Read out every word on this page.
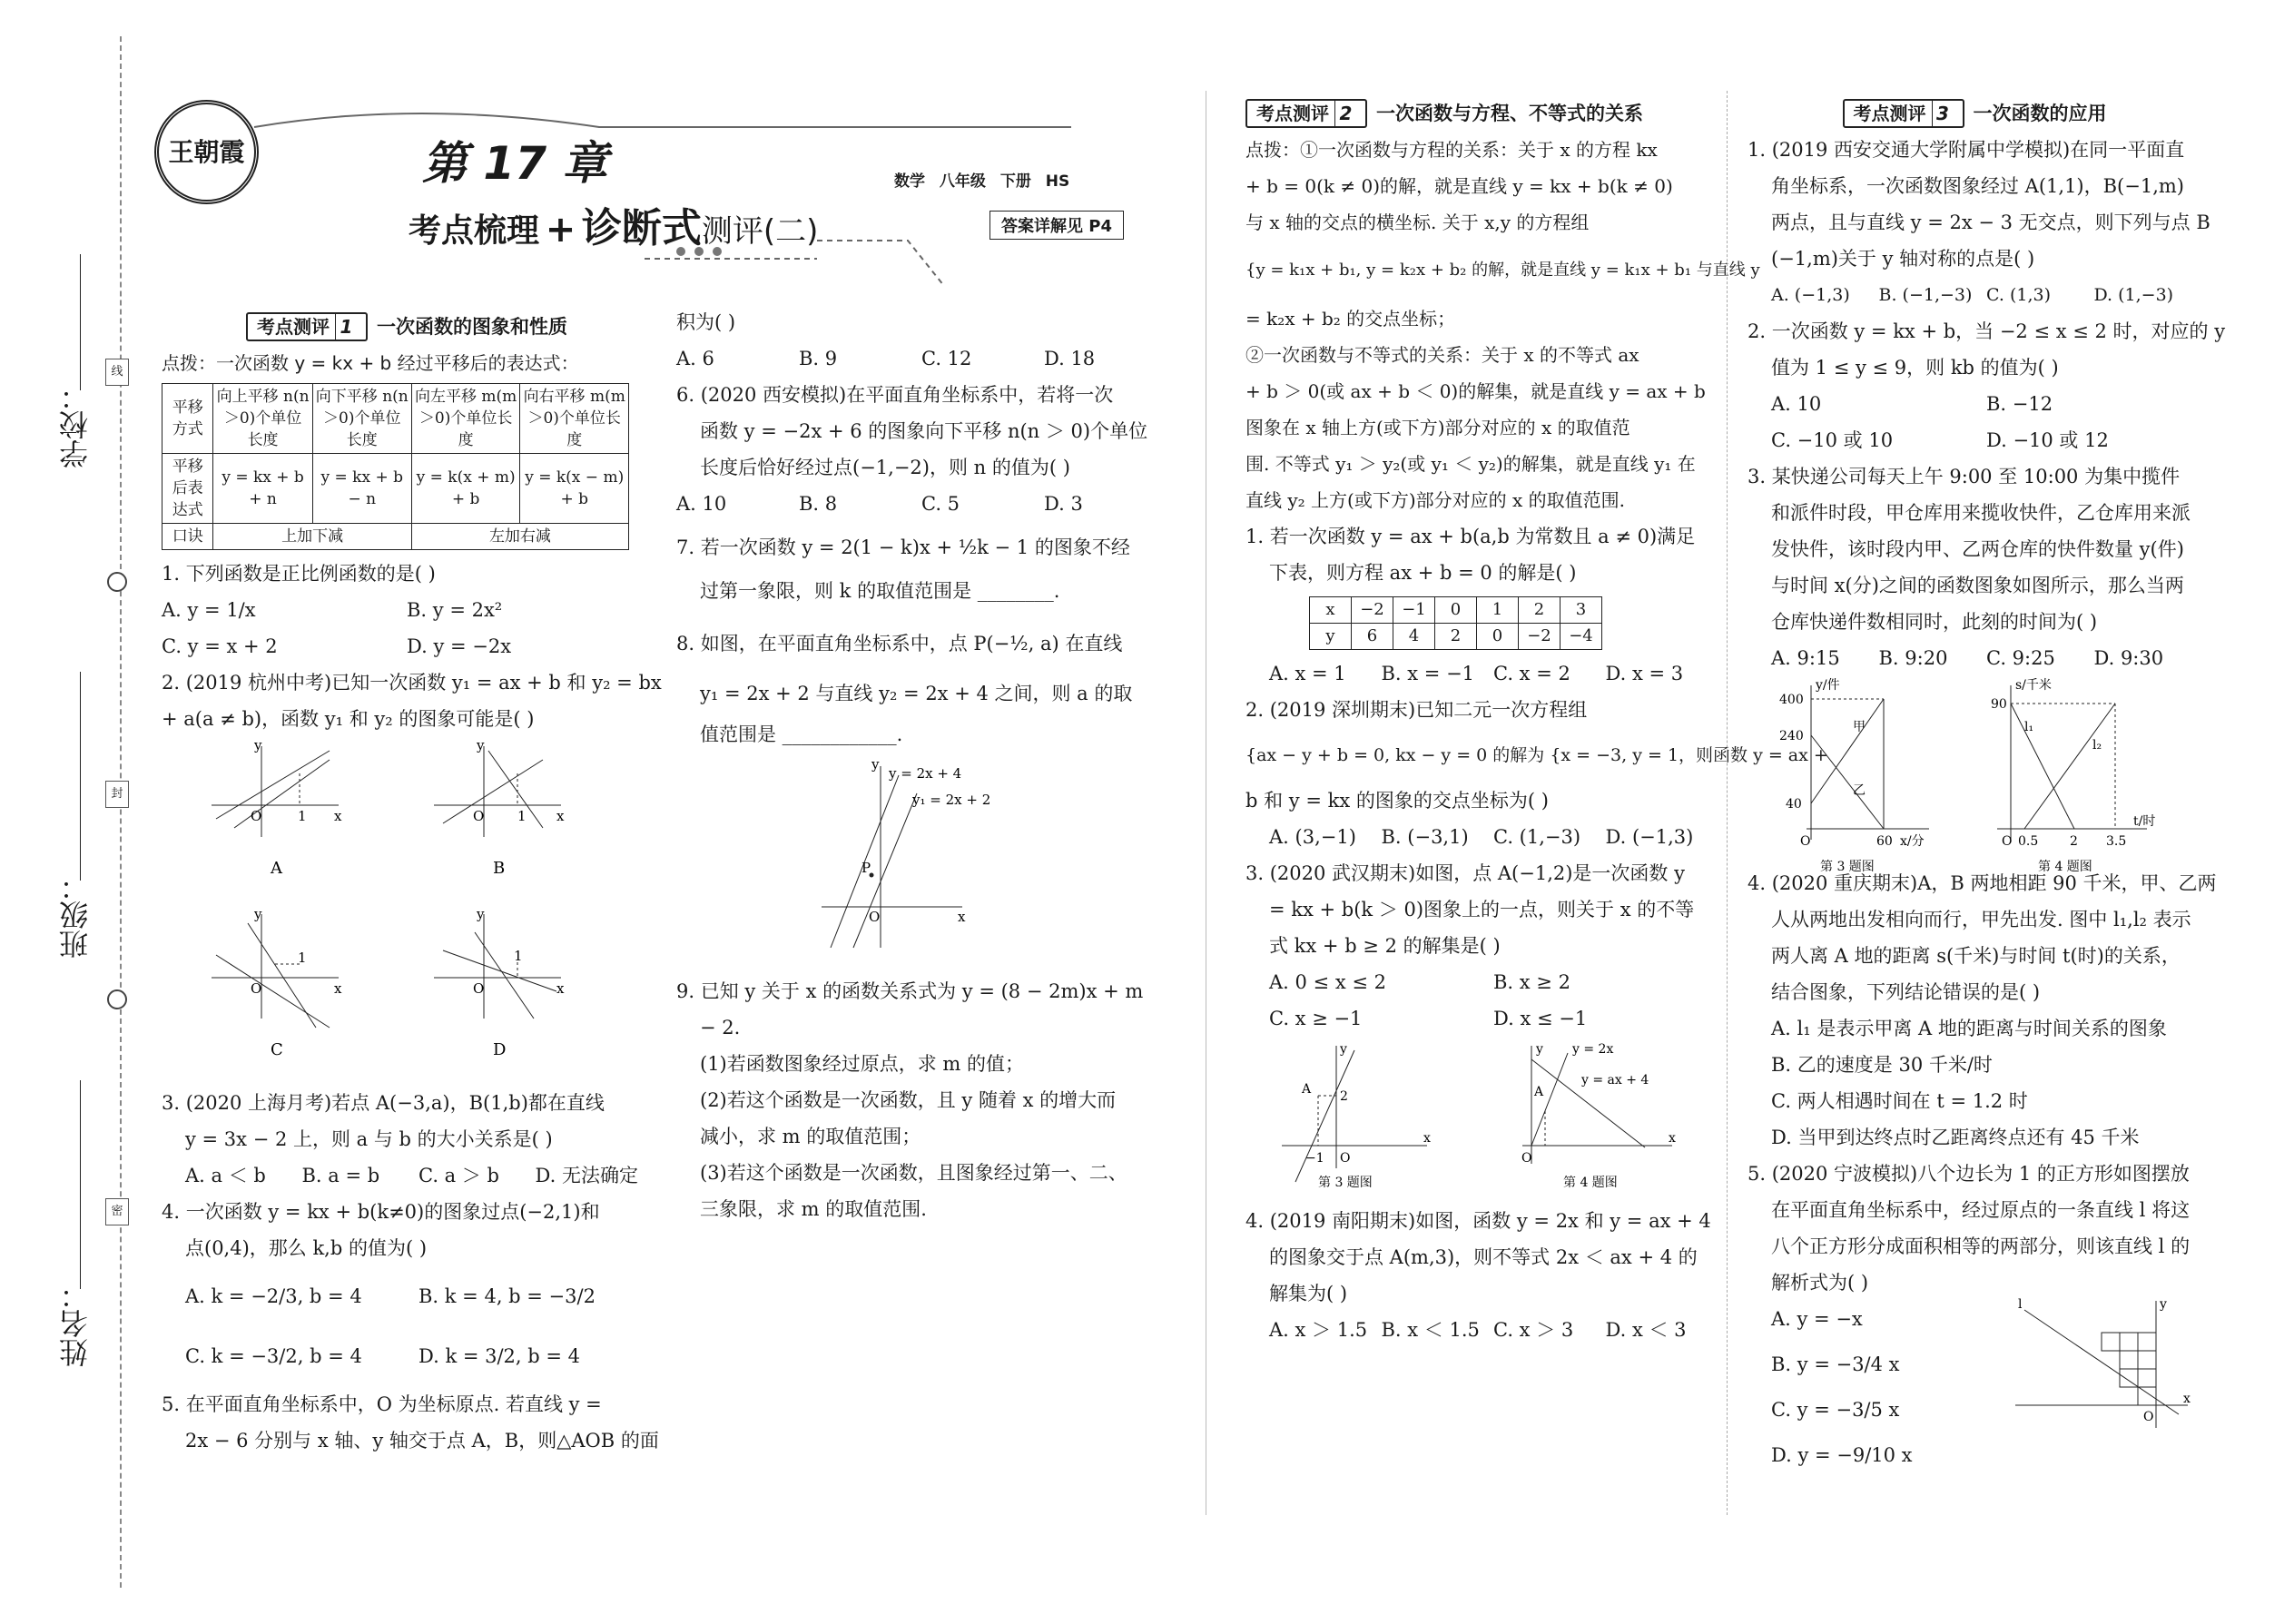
学校：
班级：
姓名：
线
封
密
王朝霞	第 17 章
考点梳理 + 诊断式测评(二)
数学 八年级 下册 HS
答案详解见 P4
考点测评 1 一次函数的图象和性质
点拨：一次函数 y = kx + b 经过平移后的表达式：
平移方式	向上平移 n(n＞0)个单位长度	向下平移 n(n＞0)个单位长度	向左平移 m(m＞0)个单位长度	向右平移 m(m＞0)个单位长度
平移后表达式	y = kx + b + n	y = kx + b − n	y = k(x + m) + b	y = k(x − m) + b
口诀	上加下减		左加右减	
1. 下列函数是正比例函数的是( )
A. y = 1/x	B. y = 2x²
C. y = x + 2	D. y = −2x
2. (2019 杭州中考)已知一次函数 y₁ = ax + b 和 y₂ = bx
+ a(a ≠ b)，函数 y₁ 和 y₂ 的图象可能是( )
O	1 x
y
A
O 1 x
y
B
O
1
x
y
C
O
1
x
y
D
3. (2020 上海月考)若点 A(−3,a)，B(1,b)都在直线
y = 3x − 2 上，则 a 与 b 的大小关系是( )
A. a ＜ b	B. a = b	C. a ＞ b	D. 无法确定
4. 一次函数 y = kx + b(k≠0)的图象过点(−2,1)和
点(0,4)，那么 k,b 的值为( )
A. k = −2/3, b = 4	B. k = 4, b = −3/2
C. k = −3/2, b = 4	D. k = 3/2, b = 4
5. 在平面直角坐标系中，O 为坐标原点. 若直线 y =
2x − 6 分别与 x 轴、y 轴交于点 A，B，则△AOB 的面
积为( )
A. 6	B. 9	C. 12	D. 18
6. (2020 西安模拟)在平面直角坐标系中，若将一次
函数 y = −2x + 6 的图象向下平移 n(n ＞ 0)个单位
长度后恰好经过点(−1,−2)，则 n 的值为( )
A. 10	B. 8	C. 5	D. 3
7. 若一次函数 y = 2(1 − k)x + ½k − 1 的图象不经
过第一象限，则 k 的取值范围是 ________.
8. 如图，在平面直角坐标系中，点 P(−½, a) 在直线
y₁ = 2x + 2 与直线 y₂ = 2x + 4 之间，则 a 的取
值范围是 ____________.
y = 2x + 4
y₁ = 2x + 2
P
O	x
y
9. 已知 y 关于 x 的函数关系式为 y = (8 − 2m)x + m
− 2.
(1)若函数图象经过原点，求 m 的值；
(2)若这个函数是一次函数，且 y 随着 x 的增大而
减小，求 m 的取值范围；
(3)若这个函数是一次函数，且图象经过第一、二、
三象限，求 m 的取值范围.
考点测评 2 一次函数与方程、不等式的关系
点拨：①一次函数与方程的关系：关于 x 的方程 kx
+ b = 0(k ≠ 0)的解，就是直线 y = kx + b(k ≠ 0)
与 x 轴的交点的横坐标. 关于 x,y 的方程组
{y = k₁x + b₁, y = k₂x + b₂ 的解，就是直线 y = k₁x + b₁ 与直线 y
= k₂x + b₂ 的交点坐标；
②一次函数与不等式的关系：关于 x 的不等式 ax
+ b ＞ 0(或 ax + b ＜ 0)的解集，就是直线 y = ax + b
图象在 x 轴上方(或下方)部分对应的 x 的取值范
围. 不等式 y₁ ＞ y₂(或 y₁ ＜ y₂)的解集，就是直线 y₁ 在
直线 y₂ 上方(或下方)部分对应的 x 的取值范围.
1. 若一次函数 y = ax + b(a,b 为常数且 a ≠ 0)满足
下表，则方程 ax + b = 0 的解是( )
x	−2	−1	0	1	2	3
y	6	4	2	0	−2	−4
A. x = 1	B. x = −1 C. x = 2	D. x = 3
2. (2019 深圳期末)已知二元一次方程组
{ax − y + b = 0, kx − y = 0 的解为 {x = −3, y = 1，则函数 y = ax +
b 和 y = kx 的图象的交点坐标为( )
A. (3,−1)	B. (−3,1)	C. (1,−3)	D. (−1,3)
3. (2020 武汉期末)如图，点 A(−1,2)是一次函数 y
= kx + b(k ＞ 0)图象上的一点，则关于 x 的不等
式 kx + b ≥ 2 的解集是( )
A. 0 ≤ x ≤ 2	B. x ≥ 2
C. x ≥ −1	D. x ≤ −1
A 2
−1 O
x
y
第 3 题图
y = 2x
y = ax + 4
A
O
x
y
第 4 题图
4. (2019 南阳期末)如图，函数 y = 2x 和 y = ax + 4
的图象交于点 A(m,3)，则不等式 2x ＜ ax + 4 的
解集为( )
A. x ＞ 1.5 B. x ＜ 1.5 C. x ＞ 3	D. x ＜ 3
考点测评 3 一次函数的应用
1. (2019 西安交通大学附属中学模拟)在同一平面直
角坐标系，一次函数图象经过 A(1,1)，B(−1,m)
两点，且与直线 y = 2x − 3 无交点，则下列与点 B
(−1,m)关于 y 轴对称的点是( )
A. (−1,3)	B. (−1,−3) C. (1,3)	D. (1,−3)
2. 一次函数 y = kx + b，当 −2 ≤ x ≤ 2 时，对应的 y
值为 1 ≤ y ≤ 9，则 kb 的值为( )
A. 10	B. −12
C. −10 或 10	D. −10 或 12
3. 某快递公司每天上午 9:00 至 10:00 为集中揽件
和派件时段，甲仓库用来揽收快件，乙仓库用来派
发快件，该时段内甲、乙两仓库的快件数量 y(件)
与时间 x(分)之间的函数图象如图所示，那么当两
仓库快递件数相同时，此刻的时间为( )
A. 9:15	B. 9:20	C. 9:25	D. 9:30
y/件
x/分
400
240
40
60
O
甲
乙
第 3 题图
s/千米
t/时
90
0.5 2 3.5
O
l₁
l₂
第 4 题图
4. (2020 重庆期末)A，B 两地相距 90 千米，甲、乙两
人从两地出发相向而行，甲先出发. 图中 l₁,l₂ 表示
两人离 A 地的距离 s(千米)与时间 t(时)的关系，
结合图象，下列结论错误的是( )
A. l₁ 是表示甲离 A 地的距离与时间关系的图象
B. 乙的速度是 30 千米/时
C. 两人相遇时间在 t = 1.2 时
D. 当甲到达终点时乙距离终点还有 45 千米
5. (2020 宁波模拟)八个边长为 1 的正方形如图摆放
在平面直角坐标系中，经过原点的一条直线 l 将这
八个正方形分成面积相等的两部分，则该直线 l 的
解析式为( )
A. y = −x
B. y = −3/4 x
C. y = −3/5 x
D. y = −9/10 x
l	y
O
x
